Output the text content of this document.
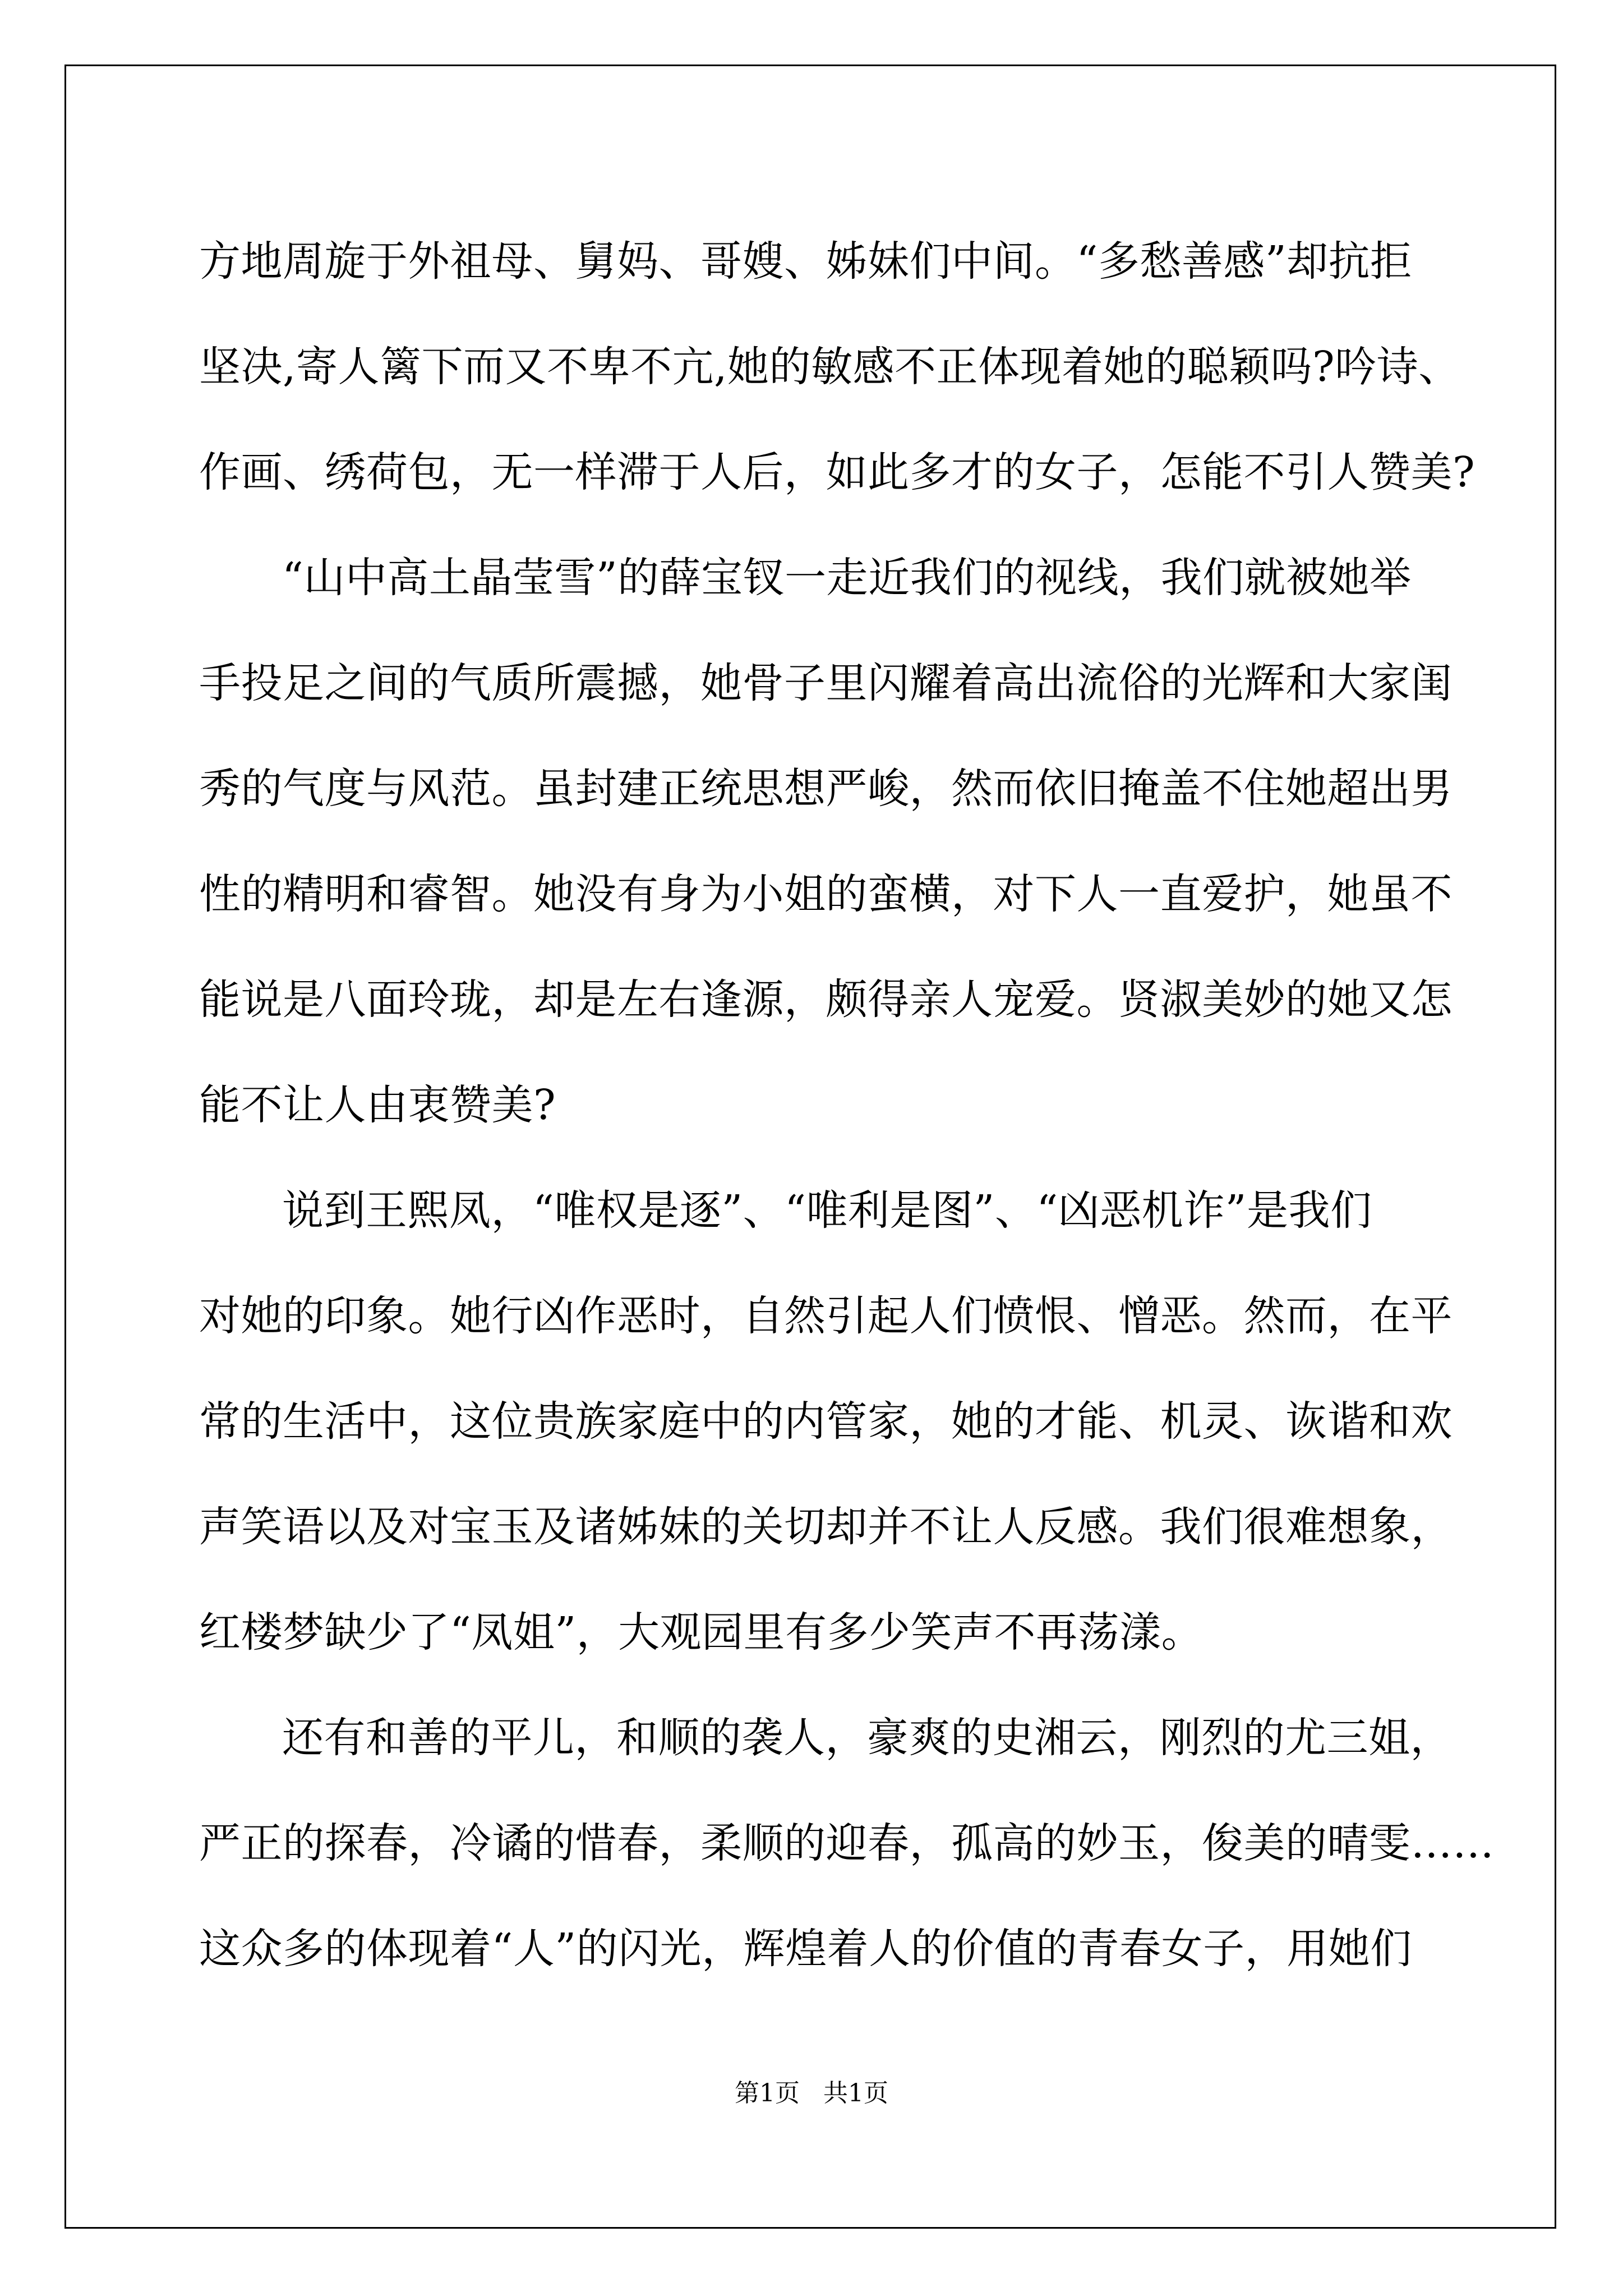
方地周旋于外祖母、舅妈、哥嫂、姊妹们中间。“多愁善感”却抗拒
坚决,寄人篱下而又不卑不亢,她的敏感不正体现着她的聪颖吗?吟诗、
作画、绣荷包，无一样滞于人后，如此多才的女子，怎能不引人赞美?
“山中高土晶莹雪”的薛宝钗一走近我们的视线，我们就被她举
手投足之间的气质所震撼，她骨子里闪耀着高出流俗的光辉和大家闺
秀的气度与风范。虽封建正统思想严峻，然而依旧掩盖不住她超出男
性的精明和睿智。她没有身为小姐的蛮横，对下人一直爱护，她虽不
能说是八面玲珑，却是左右逢源，颇得亲人宠爱。贤淑美妙的她又怎
能不让人由衷赞美?
说到王熙凤，“唯权是逐”、“唯利是图”、“凶恶机诈”是我们
对她的印象。她行凶作恶时，自然引起人们愤恨、憎恶。然而，在平
常的生活中，这位贵族家庭中的内管家，她的才能、机灵、诙谐和欢
声笑语以及对宝玉及诸姊妹的关切却并不让人反感。我们很难想象，
红楼梦缺少了“凤姐”，大观园里有多少笑声不再荡漾。
还有和善的平儿，和顺的袭人，豪爽的史湘云，刚烈的尤三姐，
严正的探春，冷谲的惜春，柔顺的迎春，孤高的妙玉，俊美的晴雯……
这众多的体现着“人”的闪光，辉煌着人的价值的青春女子，用她们
第1页   共1页
